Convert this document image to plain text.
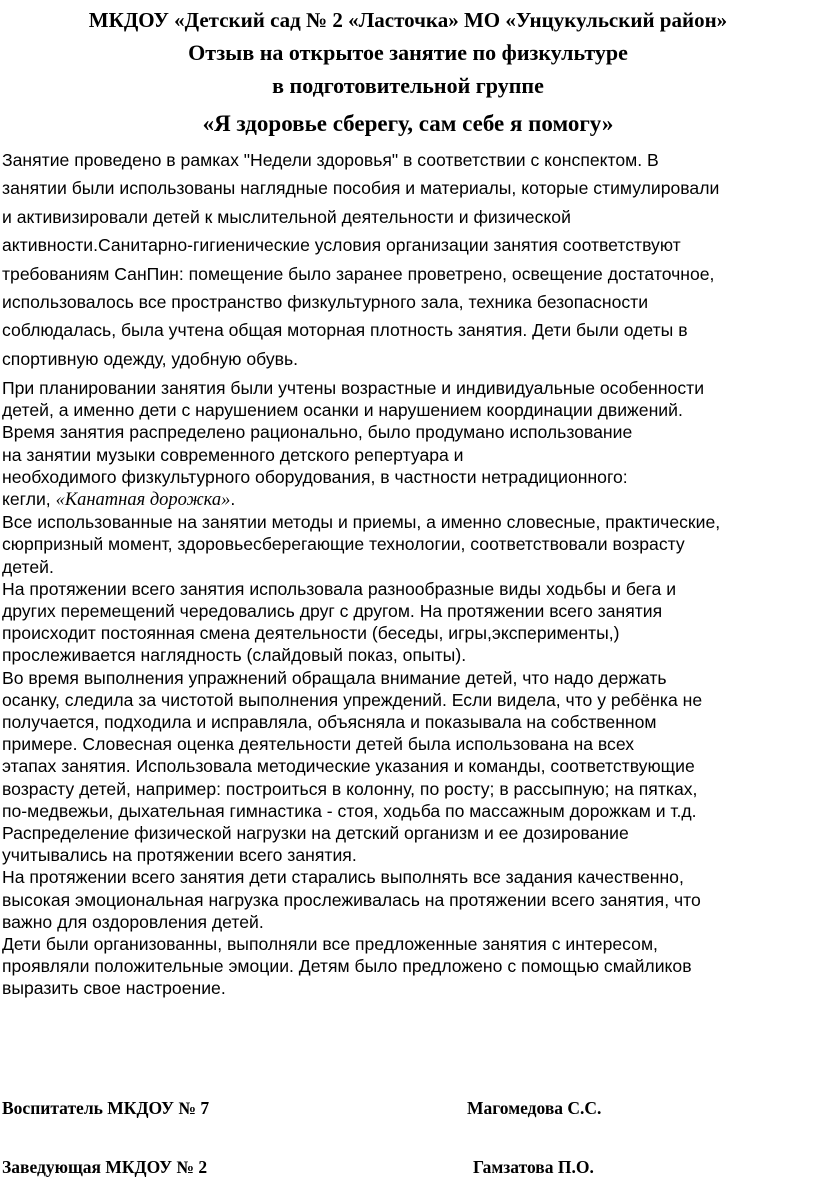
МКДОУ «Детский сад № 2 «Ласточка» МО «Унцукульский район»
Отзыв на открытое занятие по физкультуре
в подготовительной группе
«Я здоровье сберегу, сам себе я помогу»
Занятие проведено в рамках "Недели здоровья" в соответствии с конспектом. В
занятии были использованы наглядные пособия и материалы, которые стимулировали
и активизировали детей к мыслительной деятельности и физической
активности.Санитарно-гигиенические условия организации занятия соответствуют
требованиям СанПин: помещение было заранее проветрено, освещение достаточное,
использовалось все пространство физкультурного зала, техника безопасности
соблюдалась, была учтена общая моторная плотность занятия. Дети были одеты в
спортивную одежду, удобную обувь.
При планировании занятия были учтены возрастные и индивидуальные особенности
детей, а именно дети с нарушением осанки и нарушением координации движений.
Время занятия распределено рационально, было продумано использование
на занятии музыки современного детского репертуара и
необходимого физкультурного оборудования, в частности нетрадиционного:
кегли, «Канатная дорожка».
Все использованные на занятии методы и приемы, а именно словесные, практические,
сюрпризный момент, здоровьесберегающие технологии, соответствовали возрасту
детей.
На протяжении всего занятия использовала разнообразные виды ходьбы и бега и
других перемещений чередовались друг с другом. На протяжении всего занятия
происходит постоянная смена деятельности (беседы, игры,эксперименты,)
прослеживается наглядность (слайдовый показ, опыты).
Во время выполнения упражнений обращала внимание детей, что надо держать
осанку, следила за чистотой выполнения упреждений. Если видела, что у ребёнка не
получается, подходила и исправляла, объясняла и показывала на собственном
примере. Словесная оценка деятельности детей была использована на всех
этапах занятия. Использовала методические указания и команды, соответствующие
возрасту детей, например: построиться в колонну, по росту; в рассыпную; на пятках,
по-медвежьи, дыхательная гимнастика - стоя, ходьба по массажным дорожкам и т.д.
Распределение физической нагрузки на детский организм и ее дозирование
учитывались на протяжении всего занятия.
На протяжении всего занятия дети старались выполнять все задания качественно,
высокая эмоциональная нагрузка прослеживалась на протяжении всего занятия, что
важно для оздоровления детей.
Дети были организованны, выполняли все предложенные занятия с интересом,
проявляли положительные эмоции. Детям было предложено с помощью смайликов
выразить свое настроение.
Воспитатель МКДОУ № 7	Магомедова С.С.
Заведующая МКДОУ № 2	Гамзатова П.О.
